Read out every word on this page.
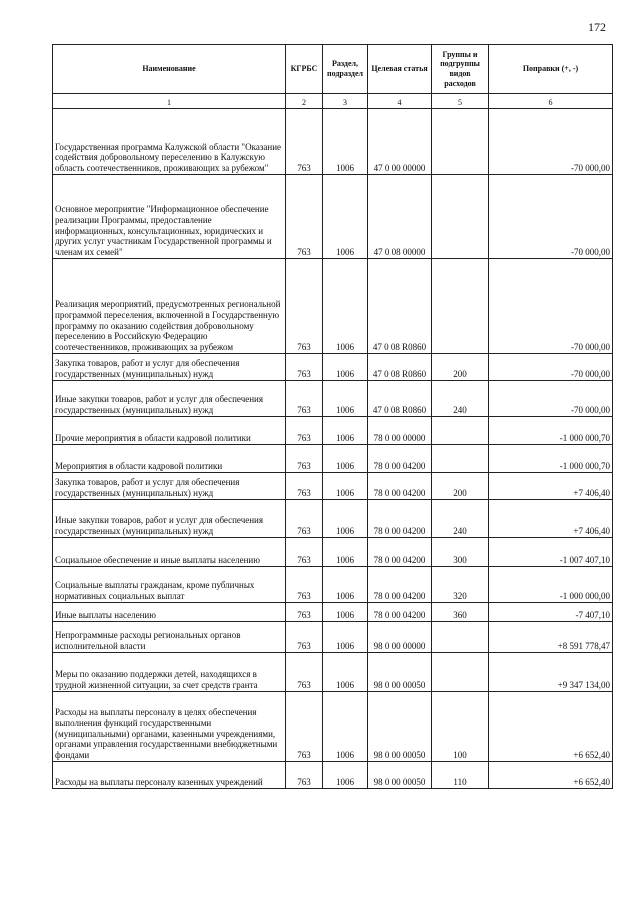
172
Наименование	КГРБС	Раздел, подраздел	Целевая статья	Группы и подгруппы видов расходов	Поправки (+, -)
1	2	3	4	5	6
Государственная программа Калужской области "Оказание содействия добровольному переселению в Калужскую область соотечественников, проживающих за рубежом"	763	1006	47 0 00 00000		-70 000,00
Основное мероприятие "Информационное обеспечение реализации Программы, предоставление информационных, консультационных, юридических и других услуг участникам Государственной программы и членам их семей"	763	1006	47 0 08 00000		-70 000,00
Реализация мероприятий, предусмотренных региональной программой переселения, включенной в Государственную программу по оказанию содействия добровольному переселению в Российскую Федерацию соотечественников, проживающих за рубежом	763	1006	47 0 08 R0860		-70 000,00
Закупка товаров, работ и услуг для обеспечения государственных (муниципальных) нужд	763	1006	47 0 08 R0860	200	-70 000,00
Иные закупки товаров, работ и услуг для обеспечения государственных (муниципальных) нужд	763	1006	47 0 08 R0860	240	-70 000,00
Прочие мероприятия в области кадровой политики	763	1006	78 0 00 00000		-1 000 000,70
Мероприятия в области кадровой политики	763	1006	78 0 00 04200		-1 000 000,70
Закупка товаров, работ и услуг для обеспечения государственных (муниципальных) нужд	763	1006	78 0 00 04200	200	+7 406,40
Иные закупки товаров, работ и услуг для обеспечения государственных (муниципальных) нужд	763	1006	78 0 00 04200	240	+7 406,40
Социальное обеспечение и иные выплаты населению	763	1006	78 0 00 04200	300	-1 007 407,10
Социальные выплаты гражданам, кроме публичных нормативных социальных выплат	763	1006	78 0 00 04200	320	-1 000 000,00
Иные выплаты населению	763	1006	78 0 00 04200	360	-7 407,10
Непрограммные расходы региональных органов исполнительной власти	763	1006	98 0 00 00000		+8 591 778,47
Меры по оказанию поддержки детей, находящихся в трудной жизненной ситуации, за счет средств гранта	763	1006	98 0 00 00050		+9 347 134,00
Расходы на выплаты персоналу в целях обеспечения выполнения функций государственными (муниципальными) органами, казенными учреждениями, органами управления государственными внебюджетными фондами	763	1006	98 0 00 00050	100	+6 652,40
Расходы на выплаты персоналу казенных учреждений	763	1006	98 0 00 00050	110	+6 652,40
